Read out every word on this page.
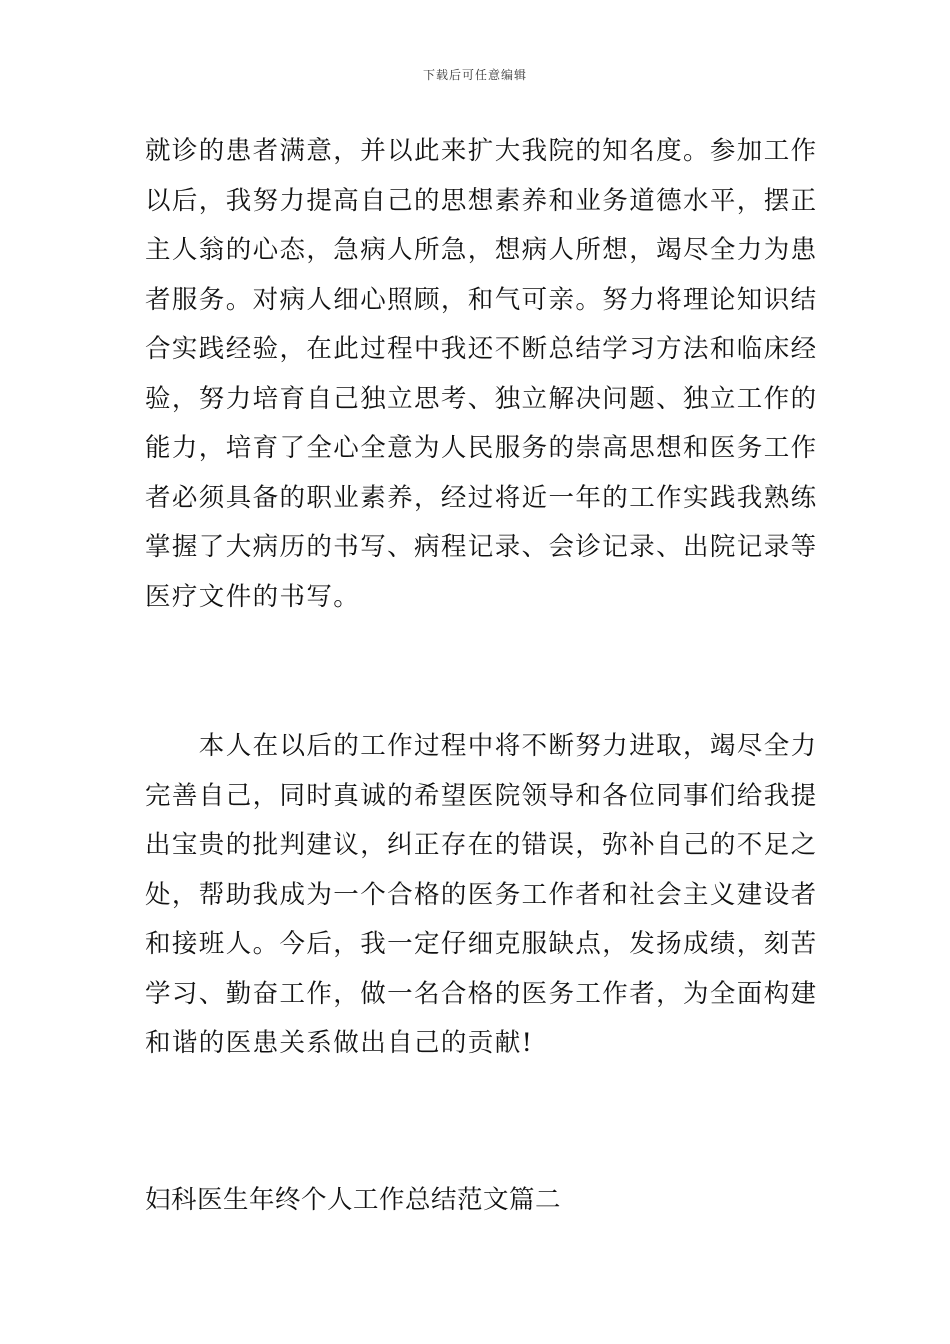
下载后可任意编辑
就诊的患者满意，并以此来扩大我院的知名度。参加工作
以后，我努力提高自己的思想素养和业务道德水平，摆正
主人翁的心态，急病人所急，想病人所想，竭尽全力为患
者服务。对病人细心照顾，和气可亲。努力将理论知识结
合实践经验，在此过程中我还不断总结学习方法和临床经
验，努力培育自己独立思考、独立解决问题、独立工作的
能力，培育了全心全意为人民服务的崇高思想和医务工作
者必须具备的职业素养，经过将近一年的工作实践我熟练
掌握了大病历的书写、病程记录、会诊记录、出院记录等
医疗文件的书写。
　　本人在以后的工作过程中将不断努力进取，竭尽全力
完善自己，同时真诚的希望医院领导和各位同事们给我提
出宝贵的批判建议，纠正存在的错误，弥补自己的不足之
处，帮助我成为一个合格的医务工作者和社会主义建设者
和接班人。今后，我一定仔细克服缺点，发扬成绩，刻苦
学习、勤奋工作，做一名合格的医务工作者，为全面构建
和谐的医患关系做出自己的贡献!
妇科医生年终个人工作总结范文篇二
